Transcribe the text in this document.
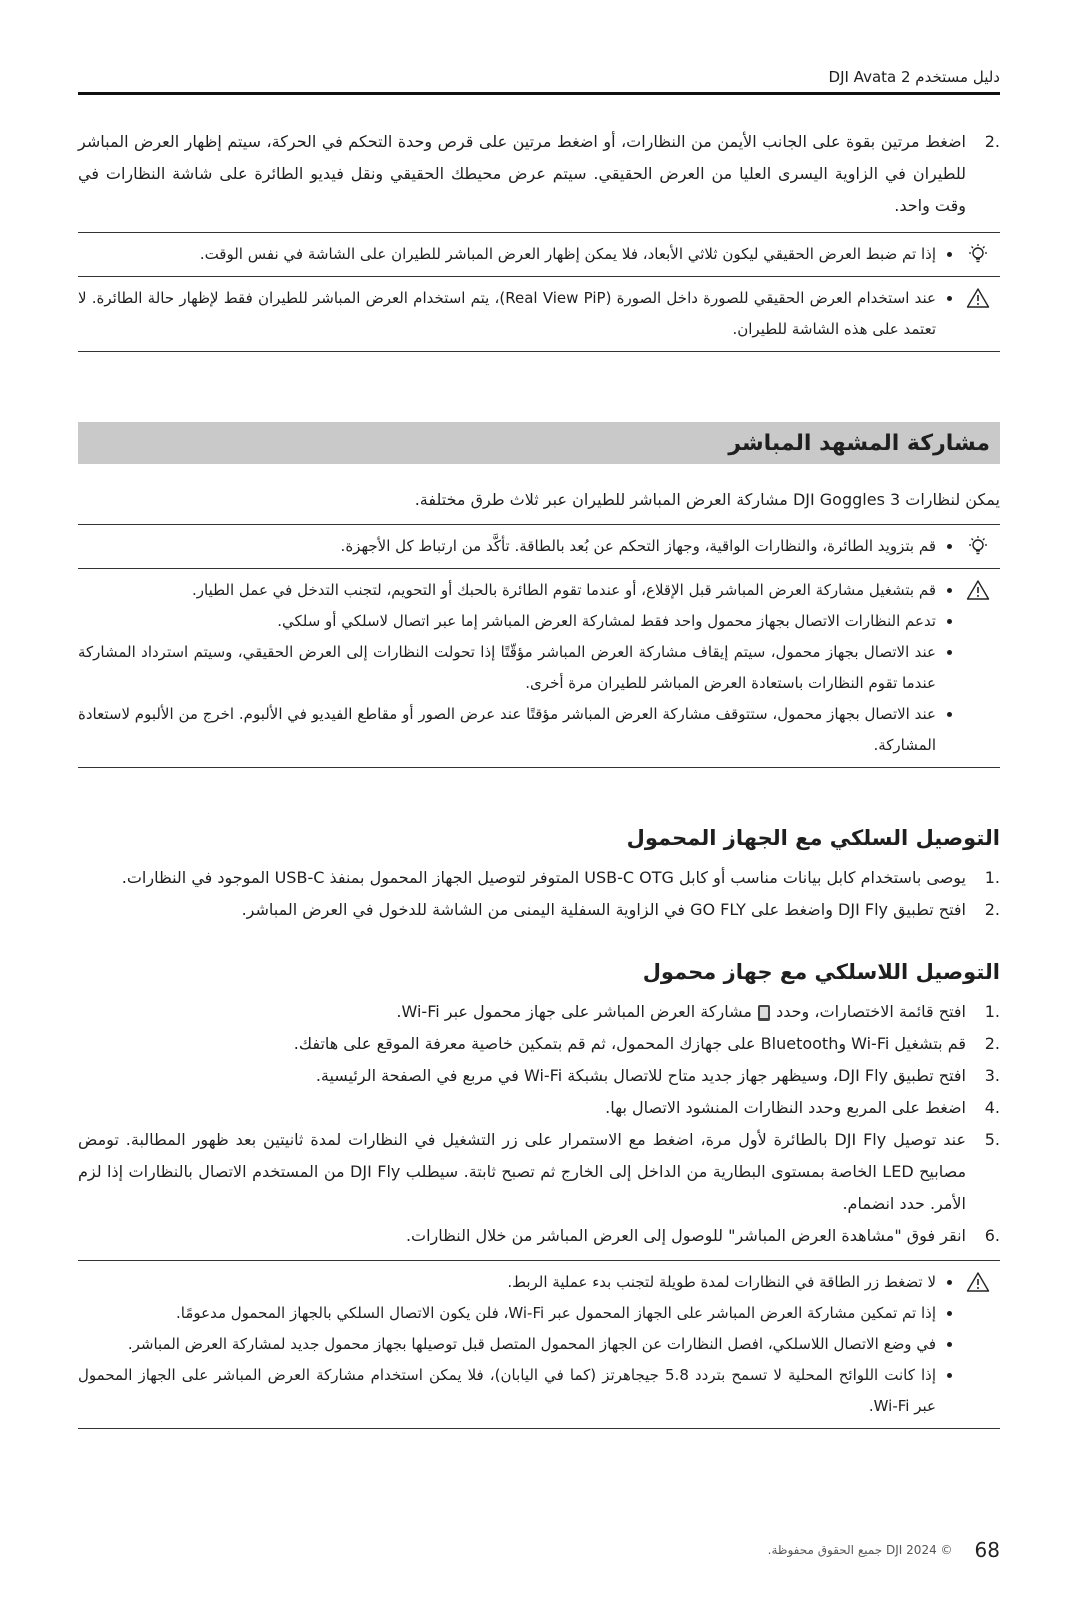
دليل مستخدم DJI Avata 2
.2
اضغط مرتين بقوة على الجانب الأيمن من النظارات، أو اضغط مرتين على قرص وحدة التحكم في الحركة، سيتم إظهار العرض المباشر للطيران في الزاوية اليسرى العليا من العرض الحقيقي. سيتم عرض محيطك الحقيقي ونقل فيديو الطائرة على شاشة النظارات في وقت واحد.
• إذا تم ضبط العرض الحقيقي ليكون ثلاثي الأبعاد، فلا يمكن إظهار العرض المباشر للطيران على الشاشة في نفس الوقت.
• عند استخدام العرض الحقيقي للصورة داخل الصورة (Real View PiP)، يتم استخدام العرض المباشر للطيران فقط لإظهار حالة الطائرة. لا تعتمد على هذه الشاشة للطيران.
مشاركة المشهد المباشر
يمكن لنظارات DJI Goggles 3 مشاركة العرض المباشر للطيران عبر ثلاث طرق مختلفة.
• قم بتزويد الطائرة، والنظارات الواقية، وجهاز التحكم عن بُعد بالطاقة. تأكَّد من ارتباط كل الأجهزة.
• قم بتشغيل مشاركة العرض المباشر قبل الإقلاع، أو عندما تقوم الطائرة بالحبك أو التحويم، لتجنب التدخل في عمل الطيار.
• تدعم النظارات الاتصال بجهاز محمول واحد فقط لمشاركة العرض المباشر إما عبر اتصال لاسلكي أو سلكي.
• عند الاتصال بجهاز محمول، سيتم إيقاف مشاركة العرض المباشر مؤقّتًا إذا تحولت النظارات إلى العرض الحقيقي، وسيتم استرداد المشاركة عندما تقوم النظارات باستعادة العرض المباشر للطيران مرة أخرى.
• عند الاتصال بجهاز محمول، ستتوقف مشاركة العرض المباشر مؤقتًا عند عرض الصور أو مقاطع الفيديو في الألبوم. اخرج من الألبوم لاستعادة المشاركة.
التوصيل السلكي مع الجهاز المحمول
.1
يوصى باستخدام كابل بيانات مناسب أو كابل USB-C OTG المتوفر لتوصيل الجهاز المحمول بمنفذ USB-C الموجود في النظارات.
.2
افتح تطبيق DJI Fly واضغط على GO FLY في الزاوية السفلية اليمنى من الشاشة للدخول في العرض المباشر.
التوصيل اللاسلكي مع جهاز محمول
.1
افتح قائمة الاختصارات، وحدد
مشاركة العرض المباشر على جهاز محمول عبر Wi-Fi.
.2
قم بتشغيل Wi-Fi وBluetooth على جهازك المحمول، ثم قم بتمكين خاصية معرفة الموقع على هاتفك.
.3
افتح تطبيق DJI Fly، وسيظهر جهاز جديد متاح للاتصال بشبكة Wi-Fi في مربع في الصفحة الرئيسية.
.4
اضغط على المربع وحدد النظارات المنشود الاتصال بها.
.5
عند توصيل DJI Fly بالطائرة لأول مرة، اضغط مع الاستمرار على زر التشغيل في النظارات لمدة ثانيتين بعد ظهور المطالبة. تومض مصابيح LED الخاصة بمستوى البطارية من الداخل إلى الخارج ثم تصبح ثابتة. سيطلب DJI Fly من المستخدم الاتصال بالنظارات إذا لزم الأمر. حدد انضمام.
.6
انقر فوق "مشاهدة العرض المباشر" للوصول إلى العرض المباشر من خلال النظارات.
• لا تضغط زر الطاقة في النظارات لمدة طويلة لتجنب بدء عملية الربط.
• إذا تم تمكين مشاركة العرض المباشر على الجهاز المحمول عبر Wi-Fi، فلن يكون الاتصال السلكي بالجهاز المحمول مدعومًا.
• في وضع الاتصال اللاسلكي، افصل النظارات عن الجهاز المحمول المتصل قبل توصيلها بجهاز محمول جديد لمشاركة العرض المباشر.
• إذا كانت اللوائح المحلية لا تسمح بتردد 5.8 جيجاهرتز (كما في اليابان)، فلا يمكن استخدام مشاركة العرض المباشر على الجهاز المحمول عبر Wi-Fi.
68
© 2024 DJI جميع الحقوق محفوظة.
